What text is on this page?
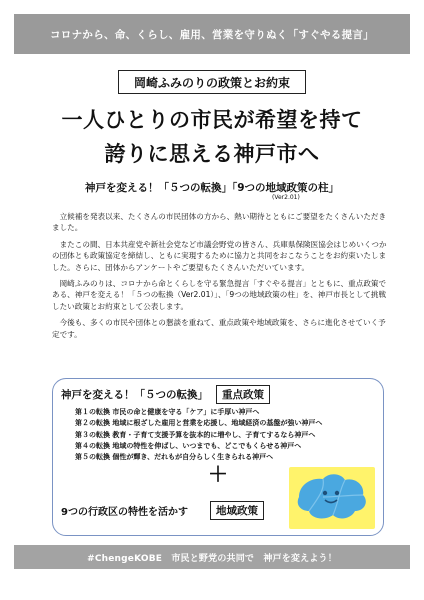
コロナから、命、くらし、雇用、営業を守りぬく「すぐやる提言」
岡崎ふみのりの政策とお約束
一人ひとりの市民が希望を持て
誇りに思える神戸市へ
神戸を変える！「５つの転換」「9つの地域政策の柱」
(Ver2.01)

立候補を発表以来、たくさんの市民団体の方から、熱い期待とともにご要望をたくさんいただきました。

またこの間、日本共産党や新社会党など市議会野党の皆さん、兵庫県保険医協会はじめいくつかの団体とも政策協定を締結し、ともに実現するために協力と共同をおこなうことをお約束いたしました。さらに、団体からアンケートやご要望もたくさんいただいています。

岡崎ふみのりは、コロナから命とくらしを守る緊急提言「すぐやる提言」とともに、重点政策である、神戸を変える！「５つの転換（Ver2.01）」、「9つの地域政策の柱」を、神戸市長として挑戦したい政策とお約束として公表します。

今後も、多くの市民や団体との懇談を重ねて、重点政策や地域政策を、さらに進化させていく予定です。

神戸を変える！「５つの転換」	重点政策
第１の転換 市民の命と健康を守る「ケア」に手厚い神戸へ
第２の転換 地域に根ざした雇用と営業を応援し、地域経済の基盤が強い神戸へ
第３の転換 教育・子育て支援予算を抜本的に増やし、子育てするなら神戸へ
第４の転換 地域の特性を伸ばし、いつまでも、どこでもくらせる神戸へ
第５の転換 個性が輝き、だれもが自分らしく生きられる神戸へ
＋
9つの行政区の特性を活かす	地域政策
#ChengeKOBE　市民と野党の共同で　神戸を変えよう！
